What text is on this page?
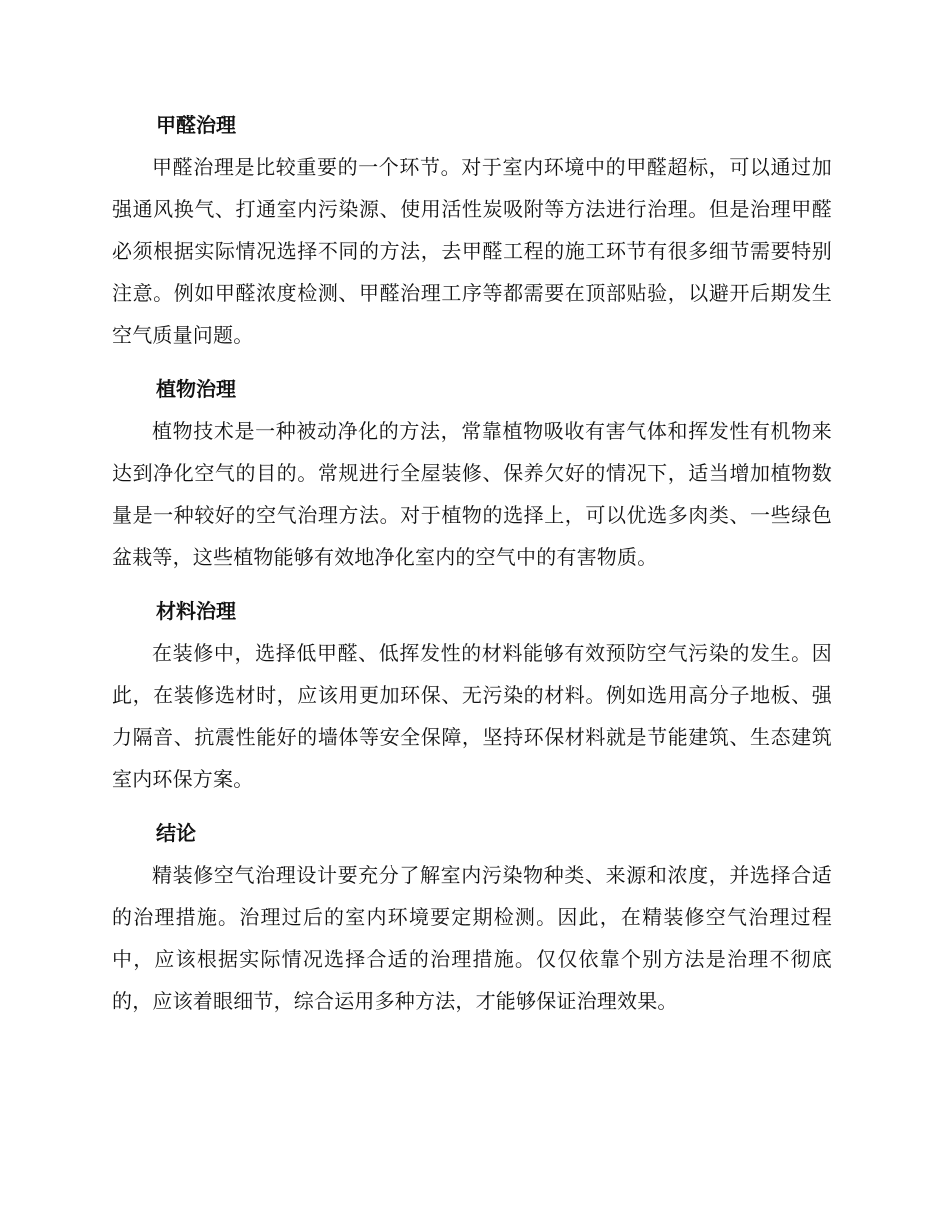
甲醛治理

甲醛治理是比较重要的一个环节。对于室内环境中的甲醛超标，可以通过加强通风换气、打通室内污染源、使用活性炭吸附等方法进行治理。但是治理甲醛必须根据实际情况选择不同的方法，去甲醛工程的施工环节有很多细节需要特别注意。例如甲醛浓度检测、甲醛治理工序等都需要在顶部贴验，以避开后期发生空气质量问题。

植物治理

植物技术是一种被动净化的方法，常靠植物吸收有害气体和挥发性有机物来达到净化空气的目的。常规进行全屋装修、保养欠好的情况下，适当增加植物数量是一种较好的空气治理方法。对于植物的选择上，可以优选多肉类、一些绿色盆栽等，这些植物能够有效地净化室内的空气中的有害物质。

材料治理

在装修中，选择低甲醛、低挥发性的材料能够有效预防空气污染的发生。因此，在装修选材时，应该用更加环保、无污染的材料。例如选用高分子地板、强力隔音、抗震性能好的墙体等安全保障，坚持环保材料就是节能建筑、生态建筑室内环保方案。

结论

精装修空气治理设计要充分了解室内污染物种类、来源和浓度，并选择合适的治理措施。治理过后的室内环境要定期检测。因此，在精装修空气治理过程中，应该根据实际情况选择合适的治理措施。仅仅依靠个别方法是治理不彻底的，应该着眼细节，综合运用多种方法，才能够保证治理效果。
